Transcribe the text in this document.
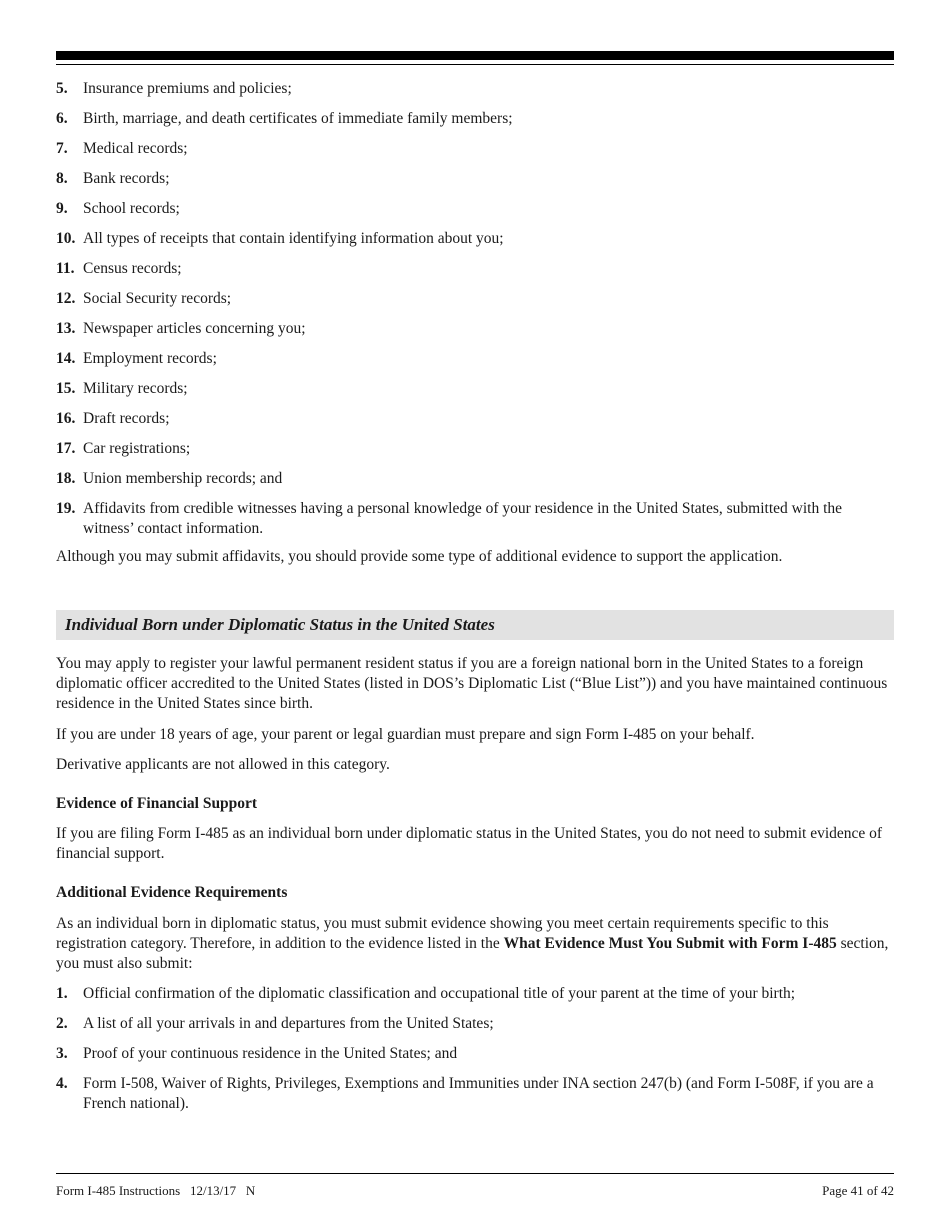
5. Insurance premiums and policies;
6. Birth, marriage, and death certificates of immediate family members;
7. Medical records;
8. Bank records;
9. School records;
10. All types of receipts that contain identifying information about you;
11. Census records;
12. Social Security records;
13. Newspaper articles concerning you;
14. Employment records;
15. Military records;
16. Draft records;
17. Car registrations;
18. Union membership records; and
19. Affidavits from credible witnesses having a personal knowledge of your residence in the United States, submitted with the witness’ contact information.

Although you may submit affidavits, you should provide some type of additional evidence to support the application.

Individual Born under Diplomatic Status in the United States

You may apply to register your lawful permanent resident status if you are a foreign national born in the United States to a foreign diplomatic officer accredited to the United States (listed in DOS’s Diplomatic List (“Blue List”)) and you have maintained continuous residence in the United States since birth.

If you are under 18 years of age, your parent or legal guardian must prepare and sign Form I-485 on your behalf.

Derivative applicants are not allowed in this category.

Evidence of Financial Support

If you are filing Form I-485 as an individual born under diplomatic status in the United States, you do not need to submit evidence of financial support.

Additional Evidence Requirements

As an individual born in diplomatic status, you must submit evidence showing you meet certain requirements specific to this registration category. Therefore, in addition to the evidence listed in the What Evidence Must You Submit with Form I-485 section, you must also submit:

1. Official confirmation of the diplomatic classification and occupational title of your parent at the time of your birth;
2. A list of all your arrivals in and departures from the United States;
3. Proof of your continuous residence in the United States; and
4. Form I-508, Waiver of Rights, Privileges, Exemptions and Immunities under INA section 247(b) (and Form I-508F, if you are a French national).
Form I-485 Instructions   12/13/17   N	Page 41 of 42
